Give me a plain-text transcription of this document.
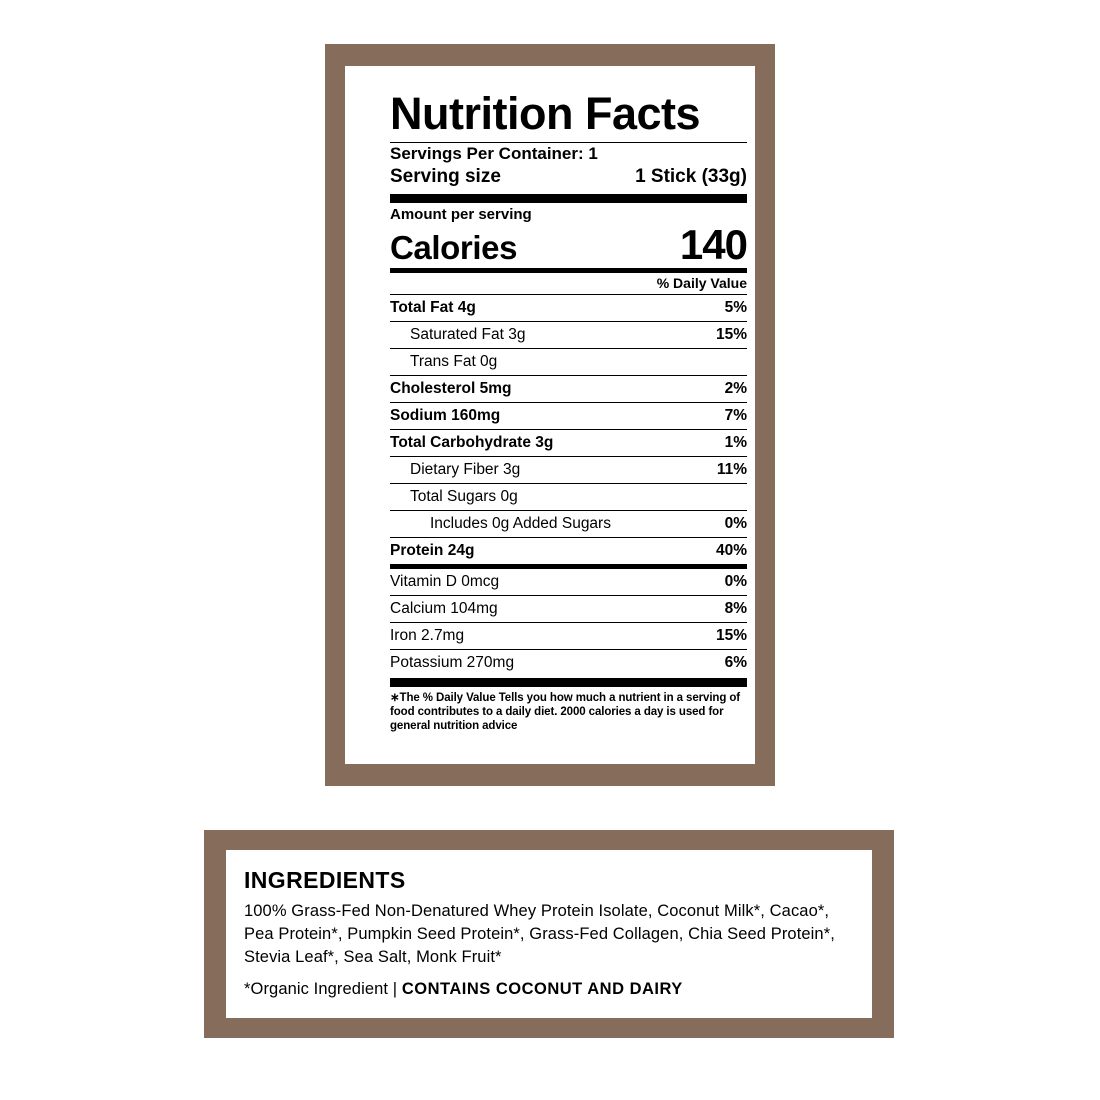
Nutrition Facts
Servings Per Container: 1
Serving size	1 Stick (33g)
Amount per serving
Calories	140
% Daily Value
Total Fat 4g	5%
Saturated Fat 3g	15%
Trans Fat 0g
Cholesterol 5mg	2%
Sodium 160mg	7%
Total Carbohydrate 3g	1%
Dietary Fiber 3g	11%
Total Sugars 0g
Includes 0g Added Sugars	0%
Protein 24g	40%
Vitamin D 0mcg	0%
Calcium 104mg	8%
Iron 2.7mg	15%
Potassium 270mg	6%
∗The % Daily Value Tells you how much a nutrient in a serving of food contributes to a daily diet. 2000 calories a day is used for general nutrition advice
INGREDIENTS
100% Grass-Fed Non-Denatured Whey Protein Isolate, Coconut Milk*, Cacao*, Pea Protein*, Pumpkin Seed Protein*, Grass-Fed Collagen, Chia Seed Protein*, Stevia Leaf*, Sea Salt, Monk Fruit*
*Organic Ingredient | CONTAINS COCONUT AND DAIRY
